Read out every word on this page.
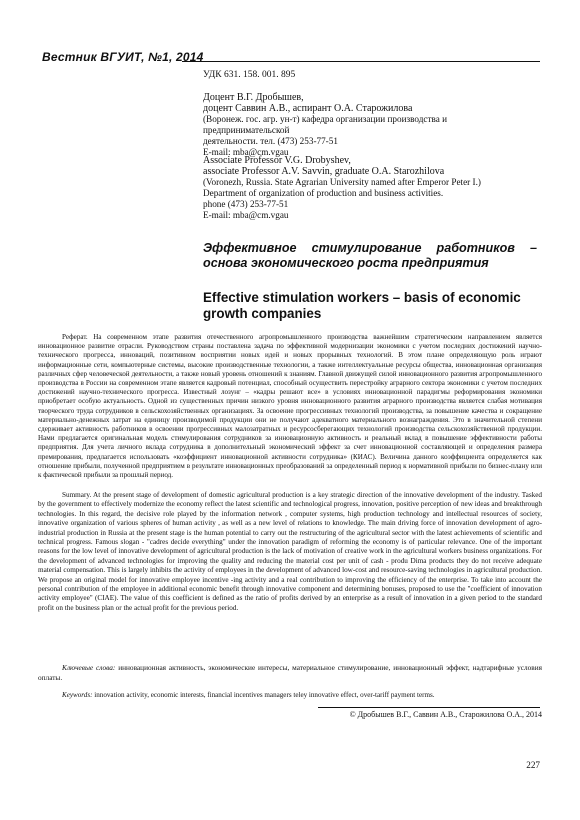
Вестник ВГУИТ, №1, 2014
УДК 631. 158. 001. 895
Доцент В.Г. Дробышев,
доцент Саввин А.В., аспирант О.А. Старожилова
(Воронеж. гос. агр. ун-т) кафедра организации производства и предпринимательской
деятельности. тел. (473) 253-77-51
E-mail: mba@cm.vgau
Associate Professor V.G. Drobyshev,
associate Professor A.V. Savvin, graduate O.A. Starozhilova
(Voronezh, Russia. State Agrarian University named after Emperor Peter I.)
Department of organization of production and business activities.
phone (473) 253-77-51
E-mail: mba@cm.vgau
Эффективное стимулирование работников – основа экономического роста предприятия
Effective stimulation workers – basis of economic growth companies
Реферат. На современном этапе развития отечественного агропромышленного производства важнейшим стратегическим направлением является инновационное развитие отрасли. Руководством страны поставлена задача по эффективной модернизации экономики с учетом последних достижений научно-технического прогресса, инноваций, позитивном восприятии новых идей и новых прорывных технологий. В этом плане определяющую роль играют информационные сети, компьютерные системы, высокие производственные технологии, а также интеллектуальные ресурсы общества, инновационная организация различных сфер человеческой деятельности, а также новый уровень отношений к знаниям. Главной движущей силой инновационного развития агропромышленного производства в России на современном этапе является кадровый потенциал, способный осуществить перестройку аграрного сектора экономики с учетом последних достижений научно-технического прогресса. Известный лозунг – «кадры решают все» в условиях инновационной парадигмы реформирования экономики приобретает особую актуальность. Одной из существенных причин низкого уровня инновационного развития аграрного производства является слабая мотивация творческого труда сотрудников в сельскохозяйственных организациях. За освоение прогрессивных технологий производства, за повышение качества и сокращение материально-денежных затрат на единицу производимой продукции они не получают адекватного материального вознаграждения. Это в значительной степени сдерживает активность работников в освоении прогрессивных малозатратных и ресурсосберегающих технологий производства сельскохозяйственной продукции. Нами предлагается оригинальная модель стимулирования сотрудников за инновационную активность и реальный вклад в повышение эффективности работы предприятия. Для учета личного вклада сотрудника в дополнительный экономический эффект за счет инновационной составляющей и определения размера премирования, предлагается использовать «коэффициент инновационной активности сотрудника» (КИАС). Величина данного коэффициента определяется как отношение прибыли, полученной предприятием в результате инновационных преобразований за определенный период к нормативной прибыли по бизнес-плану или к фактической прибыли за прошлый период.
Summary. At the present stage of development of domestic agricultural production is a key strategic direction of the innovative development of the industry. Tasked by the government to effectively modernize the economy reflect the latest scientific and technological progress, innovation, positive perception of new ideas and breakthrough technologies. In this regard, the decisive role played by the information network , computer systems, high production technology and intellectual resources of society, innovative organization of various spheres of human activity , as well as a new level of relations to knowledge. The main driving force of innovation development of agro-industrial production in Russia at the present stage is the human potential to carry out the restructuring of the agricultural sector with the latest achievements of scientific and technical progress. Famous slogan - "cadres decide everything" under the innovation paradigm of reforming the economy is of particular relevance. One of the important reasons for the low level of innovative development of agricultural production is the lack of motivation of creative work in the agricultural workers business organizations. For the development of advanced technologies for improving the quality and reducing the material cost per unit of cash - produ Dima products they do not receive adequate material compensation. This is largely inhibits the activity of employees in the development of advanced low-cost and resource-saving technologies in agricultural production. We propose an original model for innovative employee incentive -ing activity and a real contribution to improving the efficiency of the enterprise. To take into account the personal contribution of the employee in additional economic benefit through innovative component and determining bonuses, proposed to use the "coefficient of innovation activity employee" (CIAE). The value of this coefficient is defined as the ratio of profits derived by an enterprise as a result of innovation in a given period to the standard profit on the business plan or the actual profit for the previous period.
Ключевые слова: инновационная активность, экономические интересы, материальное стимулирование, инновационный эффект, надтарифные условия оплаты.
Keywords: innovation activity, economic interests, financial incentives managers teley innovative effect, over-tariff payment terms.
© Дробышев В.Г., Саввин А.В., Старожилова О.А., 2014
227
